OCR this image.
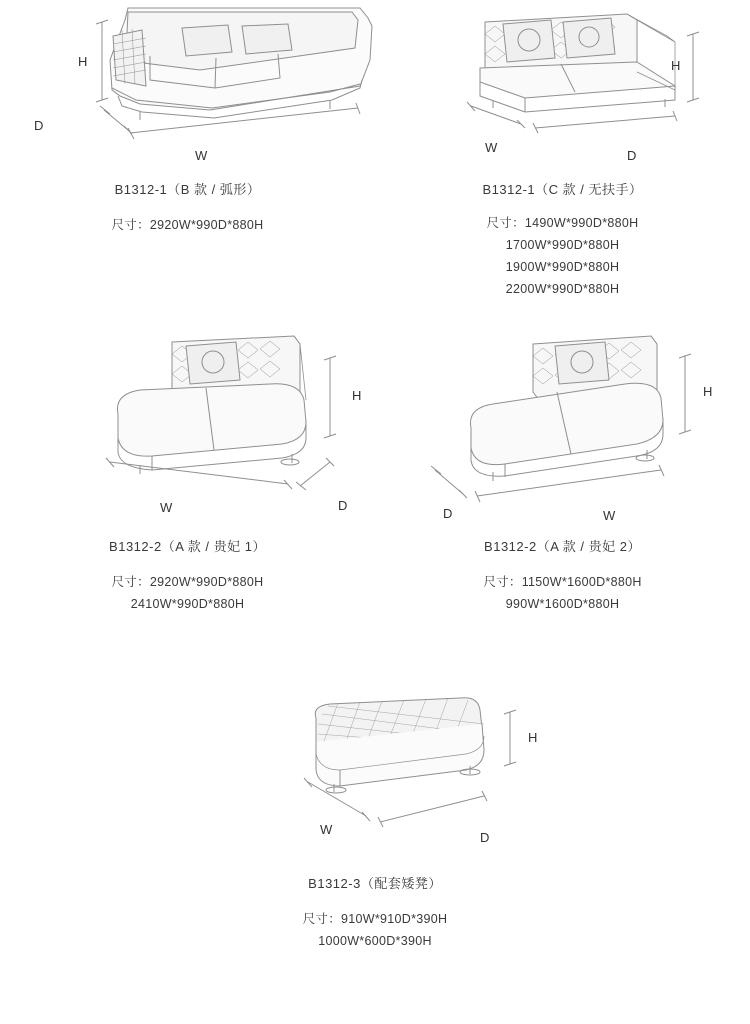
H
W
D
B1312-1（B 款 / 弧形）
尺寸：2920W*990D*880H
H
W
D
B1312-1（C 款 / 无扶手）
尺寸：1490W*990D*880H
1700W*990D*880H
1900W*990D*880H
2200W*990D*880H
H
W	D
B1312-2（A 款 / 贵妃 1）
尺寸：2920W*990D*880H
2410W*990D*880H
H
D	W
B1312-2（A 款 / 贵妃 2）
尺寸：1150W*1600D*880H
990W*1600D*880H
H
W
D
B1312-3（配套矮凳）
尺寸：910W*910D*390H
1000W*600D*390H
